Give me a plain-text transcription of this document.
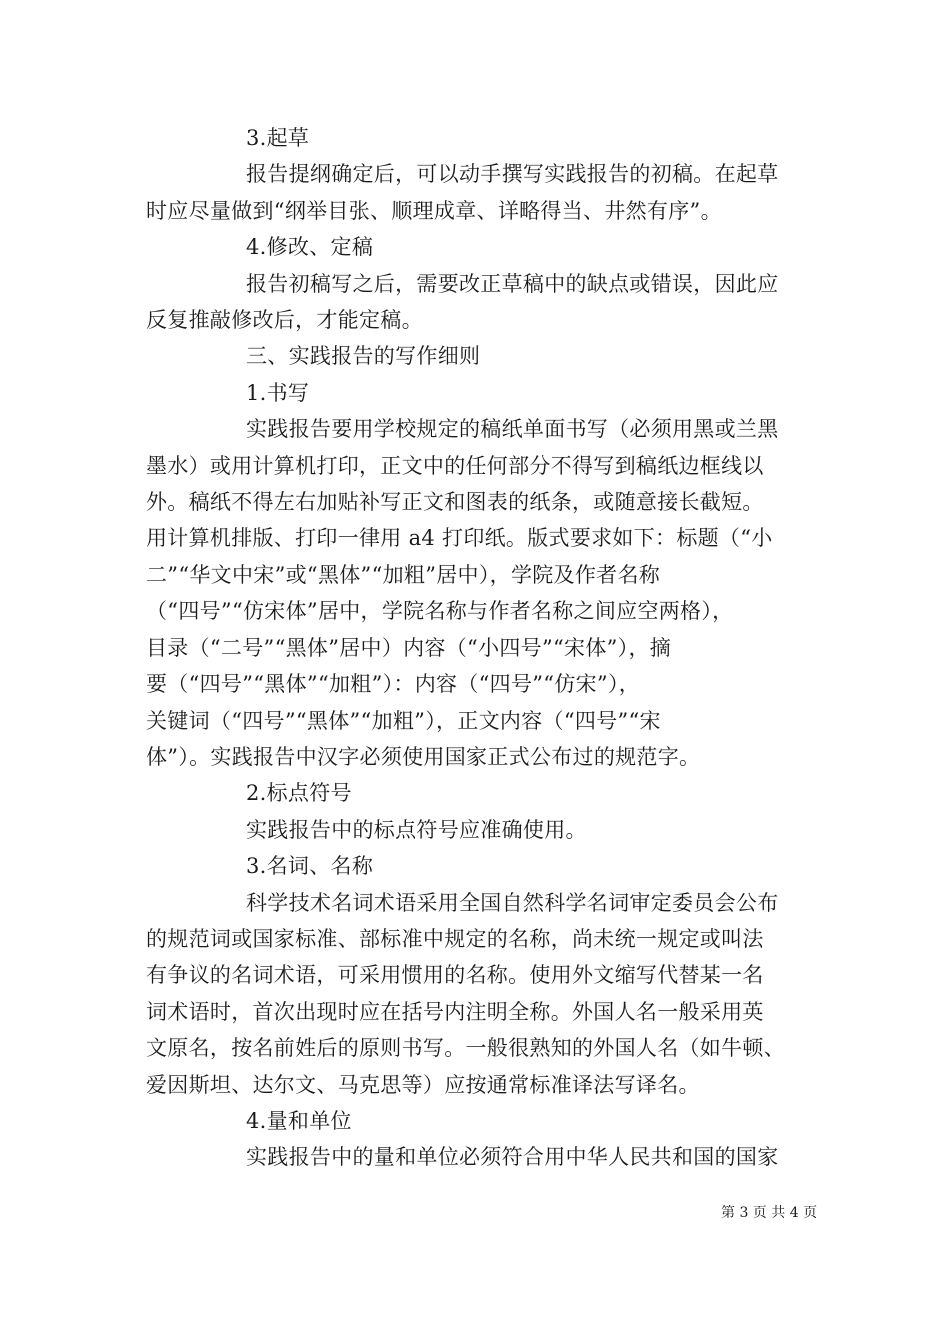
3.起草
报告提纲确定后，可以动手撰写实践报告的初稿。在起草
时应尽量做到“纲举目张、顺理成章、详略得当、井然有序”。
4.修改、定稿
报告初稿写之后，需要改正草稿中的缺点或错误，因此应
反复推敲修改后，才能定稿。
三、实践报告的写作细则
1.书写
实践报告要用学校规定的稿纸单面书写（必须用黑或兰黑
墨水）或用计算机打印，正文中的任何部分不得写到稿纸边框线以
外。稿纸不得左右加贴补写正文和图表的纸条，或随意接长截短。
用计算机排版、打印一律用 a4 打印纸。版式要求如下：标题（“小
二”“华文中宋”或“黑体”“加粗”居中），学院及作者名称
（“四号”“仿宋体”居中，学院名称与作者名称之间应空两格），
目录（“二号”“黑体”居中）内容（“小四号”“宋体”），摘
要（“四号”“黑体”“加粗”）：内容（“四号”“仿宋”），
关键词（“四号”“黑体”“加粗”），正文内容（“四号”“宋
体”）。实践报告中汉字必须使用国家正式公布过的规范字。
2.标点符号
实践报告中的标点符号应准确使用。
3.名词、名称
科学技术名词术语采用全国自然科学名词审定委员会公布
的规范词或国家标准、部标准中规定的名称，尚未统一规定或叫法
有争议的名词术语，可采用惯用的名称。使用外文缩写代替某一名
词术语时，首次出现时应在括号内注明全称。外国人名一般采用英
文原名，按名前姓后的原则书写。一般很熟知的外国人名（如牛顿、
爱因斯坦、达尔文、马克思等）应按通常标准译法写译名。
4.量和单位
实践报告中的量和单位必须符合用中华人民共和国的国家
第 3 页 共 4 页
